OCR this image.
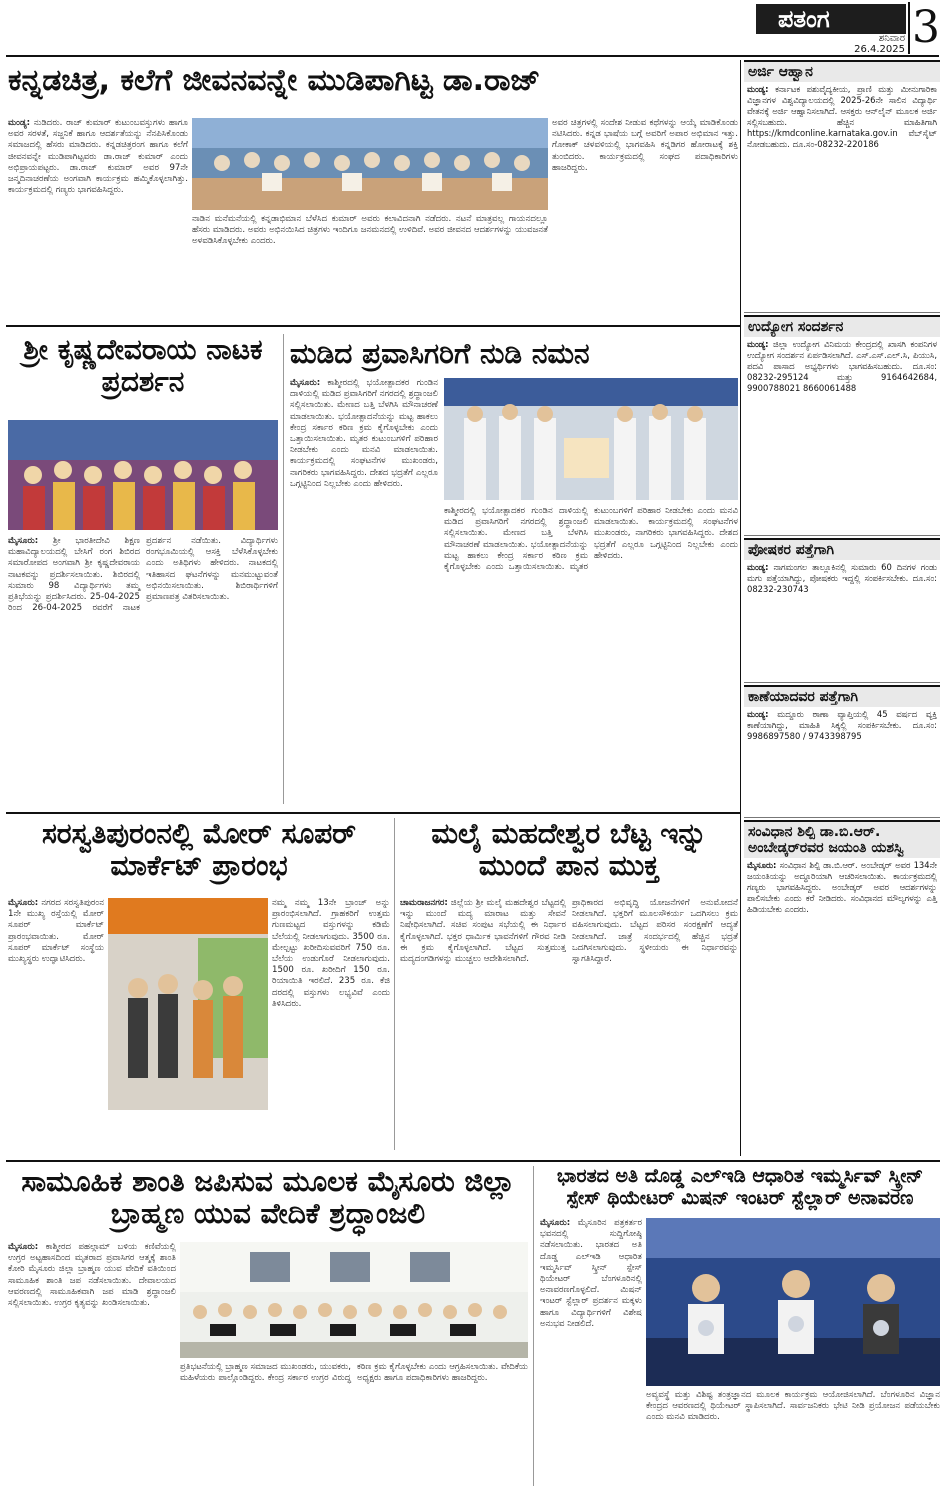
ಪತಂಗ
ಶನಿವಾರ
26.4.2025 3
ಕನ್ನಡಚಿತ್ರ, ಕಲೆಗೆ ಜೀವನವನ್ನೇ ಮುಡಿಪಾಗಿಟ್ಟ ಡಾ.ರಾಜ್
ಮಂಡ್ಯ: ನುಡಿದರು. ರಾಜ್ ಕುಮಾರ್ ಕುಟುಂಬವಸ್ತುಗಳು ಹಾಗೂ ಅವರ ಸರಳತೆ, ಸಜ್ಜನಿಕೆ ಹಾಗೂ ಆದರ್ಶತೆಯನ್ನು ನೆನಪಿಸಿಕೊಂಡು ಸಮಾಜದಲ್ಲಿ ಹೆಸರು ಮಾಡಿದರು. ಕನ್ನಡಚಿತ್ರರಂಗ ಹಾಗೂ ಕಲೆಗೆ ಜೀವನವನ್ನೇ ಮುಡಿಪಾಗಿಟ್ಟವರು ಡಾ.ರಾಜ್ ಕುಮಾರ್ ಎಂದು ಅಭಿಪ್ರಾಯಪಟ್ಟರು. ಡಾ.ರಾಜ್ ಕುಮಾರ್ ಅವರ 97ನೇ ಜನ್ಮದಿನಾಚರಣೆಯ ಅಂಗವಾಗಿ ಕಾರ್ಯಕ್ರಮ ಹಮ್ಮಿಕೊಳ್ಳಲಾಗಿತ್ತು. ಕಾರ್ಯಕ್ರಮದಲ್ಲಿ ಗಣ್ಯರು ಭಾಗವಹಿಸಿದ್ದರು.
ನಾಡಿನ ಮನೆಮನೆಯಲ್ಲಿ ಕನ್ನಡಾಭಿಮಾನ ಬೆಳೆಸಿದ ಕುಮಾರ್ ಅವರು ಕಲಾವಿದನಾಗಿ ನಡೆದರು. ನಟನೆ ಮಾತ್ರವಲ್ಲ ಗಾಯನದಲ್ಲೂ ಹೆಸರು ಮಾಡಿದರು. ಅವರು ಅಭಿನಯಿಸಿದ ಚಿತ್ರಗಳು ಇಂದಿಗೂ ಜನಮನದಲ್ಲಿ ಉಳಿದಿವೆ. ಅವರ ಜೀವನದ ಆದರ್ಶಗಳನ್ನು ಯುವಜನತೆ ಅಳವಡಿಸಿಕೊಳ್ಳಬೇಕು ಎಂದರು.
ಅವರ ಚಿತ್ರಗಳಲ್ಲಿ ಸಂದೇಶ ನೀಡುವ ಕಥೆಗಳನ್ನು ಆಯ್ಕೆ ಮಾಡಿಕೊಂಡು ನಟಿಸಿದರು. ಕನ್ನಡ ಭಾಷೆಯ ಬಗ್ಗೆ ಅವರಿಗೆ ಅಪಾರ ಅಭಿಮಾನ ಇತ್ತು. ಗೋಕಾಕ್ ಚಳವಳಿಯಲ್ಲಿ ಭಾಗವಹಿಸಿ ಕನ್ನಡಿಗರ ಹೋರಾಟಕ್ಕೆ ಶಕ್ತಿ ತುಂಬಿದರು. ಕಾರ್ಯಕ್ರಮದಲ್ಲಿ ಸಂಘದ ಪದಾಧಿಕಾರಿಗಳು ಹಾಜರಿದ್ದರು.
ಶ್ರೀ ಕೃಷ್ಣದೇವರಾಯ ನಾಟಕ ಪ್ರದರ್ಶನ
ಮೈಸೂರು: ಶ್ರೀ ಭಾರತೀದೇವಿ ಶಿಕ್ಷಣ ಮಹಾವಿದ್ಯಾಲಯದಲ್ಲಿ ಬೇಸಿಗೆ ರಂಗ ಶಿಬಿರದ ಸಮಾರೋಪದ ಅಂಗವಾಗಿ ಶ್ರೀ ಕೃಷ್ಣದೇವರಾಯ ನಾಟಕವನ್ನು ಪ್ರದರ್ಶಿಸಲಾಯಿತು. ಶಿಬಿರದಲ್ಲಿ ಸುಮಾರು 98 ವಿದ್ಯಾರ್ಥಿಗಳು ತಮ್ಮ ಪ್ರತಿಭೆಯನ್ನು ಪ್ರದರ್ಶಿಸಿದರು. 25-04-2025 ರಿಂದ 26-04-2025 ರವರೆಗೆ ನಾಟಕ ಪ್ರದರ್ಶನ ನಡೆಯಿತು. ವಿದ್ಯಾರ್ಥಿಗಳು ರಂಗಭೂಮಿಯಲ್ಲಿ ಆಸಕ್ತಿ ಬೆಳೆಸಿಕೊಳ್ಳಬೇಕು ಎಂದು ಅತಿಥಿಗಳು ಹೇಳಿದರು. ನಾಟಕದಲ್ಲಿ ಇತಿಹಾಸದ ಘಟನೆಗಳನ್ನು ಮನಮುಟ್ಟುವಂತೆ ಅಭಿನಯಿಸಲಾಯಿತು. ಶಿಬಿರಾರ್ಥಿಗಳಿಗೆ ಪ್ರಮಾಣಪತ್ರ ವಿತರಿಸಲಾಯಿತು.
ಮಡಿದ ಪ್ರವಾಸಿಗರಿಗೆ ನುಡಿ ನಮನ
ಮೈಸೂರು: ಕಾಶ್ಮೀರದಲ್ಲಿ ಭಯೋತ್ಪಾದಕರ ಗುಂಡಿನ ದಾಳಿಯಲ್ಲಿ ಮಡಿದ ಪ್ರವಾಸಿಗರಿಗೆ ನಗರದಲ್ಲಿ ಶ್ರದ್ಧಾಂಜಲಿ ಸಲ್ಲಿಸಲಾಯಿತು. ಮೇಣದ ಬತ್ತಿ ಬೆಳಗಿಸಿ ಮೌನಾಚರಣೆ ಮಾಡಲಾಯಿತು. ಭಯೋತ್ಪಾದನೆಯನ್ನು ಮಟ್ಟ ಹಾಕಲು ಕೇಂದ್ರ ಸರ್ಕಾರ ಕಠಿಣ ಕ್ರಮ ಕೈಗೊಳ್ಳಬೇಕು ಎಂದು ಒತ್ತಾಯಿಸಲಾಯಿತು. ಮೃತರ ಕುಟುಂಬಗಳಿಗೆ ಪರಿಹಾರ ನೀಡಬೇಕು ಎಂದು ಮನವಿ ಮಾಡಲಾಯಿತು. ಕಾರ್ಯಕ್ರಮದಲ್ಲಿ ಸಂಘಟನೆಗಳ ಮುಖಂಡರು, ನಾಗರಿಕರು ಭಾಗವಹಿಸಿದ್ದರು. ದೇಶದ ಭದ್ರತೆಗೆ ಎಲ್ಲರೂ ಒಗ್ಗಟ್ಟಿನಿಂದ ನಿಲ್ಲಬೇಕು ಎಂದು ಹೇಳಿದರು.
ಕಾಶ್ಮೀರದಲ್ಲಿ ಭಯೋತ್ಪಾದಕರ ಗುಂಡಿನ ದಾಳಿಯಲ್ಲಿ ಮಡಿದ ಪ್ರವಾಸಿಗರಿಗೆ ನಗರದಲ್ಲಿ ಶ್ರದ್ಧಾಂಜಲಿ ಸಲ್ಲಿಸಲಾಯಿತು. ಮೇಣದ ಬತ್ತಿ ಬೆಳಗಿಸಿ ಮೌನಾಚರಣೆ ಮಾಡಲಾಯಿತು. ಭಯೋತ್ಪಾದನೆಯನ್ನು ಮಟ್ಟ ಹಾಕಲು ಕೇಂದ್ರ ಸರ್ಕಾರ ಕಠಿಣ ಕ್ರಮ ಕೈಗೊಳ್ಳಬೇಕು ಎಂದು ಒತ್ತಾಯಿಸಲಾಯಿತು. ಮೃತರ ಕುಟುಂಬಗಳಿಗೆ ಪರಿಹಾರ ನೀಡಬೇಕು ಎಂದು ಮನವಿ ಮಾಡಲಾಯಿತು. ಕಾರ್ಯಕ್ರಮದಲ್ಲಿ ಸಂಘಟನೆಗಳ ಮುಖಂಡರು, ನಾಗರಿಕರು ಭಾಗವಹಿಸಿದ್ದರು. ದೇಶದ ಭದ್ರತೆಗೆ ಎಲ್ಲರೂ ಒಗ್ಗಟ್ಟಿನಿಂದ ನಿಲ್ಲಬೇಕು ಎಂದು ಹೇಳಿದರು.
ಸರಸ್ವತಿಪುರಂನಲ್ಲಿ ಮೋರ್ ಸೂಪರ್ ಮಾರ್ಕೆಟ್ ಪ್ರಾರಂಭ
ಮೈಸೂರು: ನಗರದ ಸರಸ್ವತಿಪುರಂನ 1ನೇ ಮುಖ್ಯ ರಸ್ತೆಯಲ್ಲಿ ಮೋರ್ ಸೂಪರ್ ಮಾರ್ಕೆಟ್ ಪ್ರಾರಂಭವಾಯಿತು. ಮೋರ್ ಸೂಪರ್ ಮಾರ್ಕೆಟ್ ಸಂಸ್ಥೆಯ ಮುಖ್ಯಸ್ಥರು ಉದ್ಘಾಟಿಸಿದರು.
ನಮ್ಮ ನಮ್ಮ 13ನೇ ಬ್ರಾಂಚ್ ಅನ್ನು ಪ್ರಾರಂಭಿಸಲಾಗಿದೆ. ಗ್ರಾಹಕರಿಗೆ ಉತ್ತಮ ಗುಣಮಟ್ಟದ ವಸ್ತುಗಳನ್ನು ಕಡಿಮೆ ಬೆಲೆಯಲ್ಲಿ ನೀಡಲಾಗುವುದು. 3500 ರೂ. ಮೇಲ್ಪಟ್ಟು ಖರೀದಿಸುವವರಿಗೆ 750 ರೂ. ಬೆಲೆಯ ಉಡುಗೊರೆ ನೀಡಲಾಗುವುದು. 1500 ರೂ. ಖರೀದಿಗೆ 150 ರೂ. ರಿಯಾಯಿತಿ ಇರಲಿದೆ. 235 ರೂ. ಕೆಜಿ ದರದಲ್ಲಿ ವಸ್ತುಗಳು ಲಭ್ಯವಿವೆ ಎಂದು ತಿಳಿಸಿದರು.
ಮಲೈ ಮಹದೇಶ್ವರ ಬೆಟ್ಟ ಇನ್ನು ಮುಂದೆ ಪಾನ ಮುಕ್ತ
ಚಾಮರಾಜನಗರ: ಜಿಲ್ಲೆಯ ಶ್ರೀ ಮಲೈ ಮಹದೇಶ್ವರ ಬೆಟ್ಟದಲ್ಲಿ ಇನ್ನು ಮುಂದೆ ಮದ್ಯ ಮಾರಾಟ ಮತ್ತು ಸೇವನೆ ನಿಷೇಧಿಸಲಾಗಿದೆ. ಸಚಿವ ಸಂಪುಟ ಸಭೆಯಲ್ಲಿ ಈ ನಿರ್ಧಾರ ಕೈಗೊಳ್ಳಲಾಗಿದೆ. ಭಕ್ತರ ಧಾರ್ಮಿಕ ಭಾವನೆಗಳಿಗೆ ಗೌರವ ನೀಡಿ ಈ ಕ್ರಮ ಕೈಗೊಳ್ಳಲಾಗಿದೆ. ಬೆಟ್ಟದ ಸುತ್ತಮುತ್ತ ಮದ್ಯದಂಗಡಿಗಳನ್ನು ಮುಚ್ಚಲು ಆದೇಶಿಸಲಾಗಿದೆ.
ಪ್ರಾಧಿಕಾರದ ಅಭಿವೃದ್ಧಿ ಯೋಜನೆಗಳಿಗೆ ಅನುಮೋದನೆ ನೀಡಲಾಗಿದೆ. ಭಕ್ತರಿಗೆ ಮೂಲಸೌಕರ್ಯ ಒದಗಿಸಲು ಕ್ರಮ ವಹಿಸಲಾಗುವುದು. ಬೆಟ್ಟದ ಪರಿಸರ ಸಂರಕ್ಷಣೆಗೆ ಆದ್ಯತೆ ನೀಡಲಾಗಿದೆ. ಜಾತ್ರೆ ಸಂದರ್ಭದಲ್ಲಿ ಹೆಚ್ಚಿನ ಭದ್ರತೆ ಒದಗಿಸಲಾಗುವುದು. ಸ್ಥಳೀಯರು ಈ ನಿರ್ಧಾರವನ್ನು ಸ್ವಾಗತಿಸಿದ್ದಾರೆ.
ಸಾಮೂಹಿಕ ಶಾಂತಿ ಜಪಿಸುವ ಮೂಲಕ ಮೈಸೂರು ಜಿಲ್ಲಾ ಬ್ರಾಹ್ಮಣ ಯುವ ವೇದಿಕೆ ಶ್ರದ್ಧಾಂಜಲಿ
ಮೈಸೂರು: ಕಾಶ್ಮೀರದ ಪಹಲ್ಗಾಮ್ ಬಳಿಯ ಕಣಿವೆಯಲ್ಲಿ ಉಗ್ರರ ಅಟ್ಟಹಾಸದಿಂದ ಮೃತರಾದ ಪ್ರವಾಸಿಗರ ಆತ್ಮಕ್ಕೆ ಶಾಂತಿ ಕೋರಿ ಮೈಸೂರು ಜಿಲ್ಲಾ ಬ್ರಾಹ್ಮಣ ಯುವ ವೇದಿಕೆ ವತಿಯಿಂದ ಸಾಮೂಹಿಕ ಶಾಂತಿ ಜಪ ನಡೆಸಲಾಯಿತು. ದೇವಾಲಯದ ಆವರಣದಲ್ಲಿ ಸಾಮೂಹಿಕವಾಗಿ ಜಪ ಮಾಡಿ ಶ್ರದ್ಧಾಂಜಲಿ ಸಲ್ಲಿಸಲಾಯಿತು. ಉಗ್ರರ ಕೃತ್ಯವನ್ನು ಖಂಡಿಸಲಾಯಿತು.
ಪ್ರತಿಭಟನೆಯಲ್ಲಿ ಬ್ರಾಹ್ಮಣ ಸಮಾಜದ ಮುಖಂಡರು, ಯುವಕರು, ಮಹಿಳೆಯರು ಪಾಲ್ಗೊಂಡಿದ್ದರು. ಕೇಂದ್ರ ಸರ್ಕಾರ ಉಗ್ರರ ವಿರುದ್ಧ ಕಠಿಣ ಕ್ರಮ ಕೈಗೊಳ್ಳಬೇಕು ಎಂದು ಆಗ್ರಹಿಸಲಾಯಿತು. ವೇದಿಕೆಯ ಅಧ್ಯಕ್ಷರು ಹಾಗೂ ಪದಾಧಿಕಾರಿಗಳು ಹಾಜರಿದ್ದರು.
ಭಾರತದ ಅತಿ ದೊಡ್ಡ ಎಲ್‌ಇಡಿ ಆಧಾರಿತ ಇಮ್ಮರ್ಸಿವ್ ಸ್ಕ್ರೀನ್ ಸ್ಪೇಸ್ ಥಿಯೇಟರ್ ಮಿಷನ್ ಇಂಟರ್ ಸ್ಟೆಲ್ಲಾರ್ ಅನಾವರಣ
ಮೈಸೂರು: ಮೈಸೂರಿನ ಪತ್ರಕರ್ತರ ಭವನದಲ್ಲಿ ಸುದ್ದಿಗೋಷ್ಠಿ ನಡೆಸಲಾಯಿತು. ಭಾರತದ ಅತಿ ದೊಡ್ಡ ಎಲ್‌ಇಡಿ ಆಧಾರಿತ ಇಮ್ಮರ್ಸಿವ್ ಸ್ಕ್ರೀನ್ ಸ್ಪೇಸ್ ಥಿಯೇಟರ್ ಬೆಂಗಳೂರಿನಲ್ಲಿ ಅನಾವರಣಗೊಳ್ಳಲಿದೆ. ಮಿಷನ್ ಇಂಟರ್ ಸ್ಟೆಲ್ಲಾರ್ ಪ್ರದರ್ಶನ ಮಕ್ಕಳು ಹಾಗೂ ವಿದ್ಯಾರ್ಥಿಗಳಿಗೆ ವಿಶೇಷ ಅನುಭವ ನೀಡಲಿದೆ.
ಅವ್ಯವಸ್ಥೆ ಮತ್ತು ವಿಶಿಷ್ಟ ತಂತ್ರಜ್ಞಾನದ ಮೂಲಕ ಕಾರ್ಯಕ್ರಮ ಆಯೋಜಿಸಲಾಗಿದೆ. ಬೆಂಗಳೂರಿನ ವಿಜ್ಞಾನ ಕೇಂದ್ರದ ಆವರಣದಲ್ಲಿ ಥಿಯೇಟರ್ ಸ್ಥಾಪಿಸಲಾಗಿದೆ. ಸಾರ್ವಜನಿಕರು ಭೇಟಿ ನೀಡಿ ಪ್ರಯೋಜನ ಪಡೆಯಬೇಕು ಎಂದು ಮನವಿ ಮಾಡಿದರು.
ಅರ್ಜಿ ಆಹ್ವಾನ
ಮಂಡ್ಯ: ಕರ್ನಾಟಕ ಪಶುವೈದ್ಯಕೀಯ, ಪ್ರಾಣಿ ಮತ್ತು ಮೀನುಗಾರಿಕಾ ವಿಜ್ಞಾನಗಳ ವಿಶ್ವವಿದ್ಯಾಲಯದಲ್ಲಿ 2025-26ನೇ ಸಾಲಿನ ವಿದ್ಯಾರ್ಥಿ ವೇತನಕ್ಕೆ ಅರ್ಜಿ ಆಹ್ವಾನಿಸಲಾಗಿದೆ. ಆಸಕ್ತರು ಆನ್‌ಲೈನ್ ಮೂಲಕ ಅರ್ಜಿ ಸಲ್ಲಿಸಬಹುದು. ಹೆಚ್ಚಿನ ಮಾಹಿತಿಗಾಗಿ https://kmdconline.karnataka.gov.in ವೆಬ್‌ಸೈಟ್ ನೋಡಬಹುದು. ದೂ.ಸಂ-08232-220186
ಉದ್ಯೋಗ ಸಂದರ್ಶನ
ಮಂಡ್ಯ: ಜಿಲ್ಲಾ ಉದ್ಯೋಗ ವಿನಿಮಯ ಕೇಂದ್ರದಲ್ಲಿ ಖಾಸಗಿ ಕಂಪನಿಗಳ ಉದ್ಯೋಗ ಸಂದರ್ಶನ ಏರ್ಪಡಿಸಲಾಗಿದೆ. ಎಸ್.ಎಸ್.ಎಲ್.ಸಿ, ಪಿಯುಸಿ, ಪದವಿ ಪಾಸಾದ ಅಭ್ಯರ್ಥಿಗಳು ಭಾಗವಹಿಸಬಹುದು. ದೂ.ಸಂ: 08232-295124 ಮತ್ತು 9164642684, 9900788021 8660061488
ಪೋಷಕರ ಪತ್ತೆಗಾಗಿ
ಮಂಡ್ಯ: ನಾಗಮಂಗಲ ತಾಲ್ಲೂಕಿನಲ್ಲಿ ಸುಮಾರು 60 ದಿನಗಳ ಗಂಡು ಮಗು ಪತ್ತೆಯಾಗಿದ್ದು, ಪೋಷಕರು ಇದ್ದಲ್ಲಿ ಸಂಪರ್ಕಿಸಬೇಕು. ದೂ.ಸಂ: 08232-230743
ಕಾಣೆಯಾದವರ ಪತ್ತೆಗಾಗಿ
ಮಂಡ್ಯ: ಮದ್ದೂರು ಠಾಣಾ ವ್ಯಾಪ್ತಿಯಲ್ಲಿ 45 ವರ್ಷದ ವ್ಯಕ್ತಿ ಕಾಣೆಯಾಗಿದ್ದು, ಮಾಹಿತಿ ಸಿಕ್ಕಲ್ಲಿ ಸಂಪರ್ಕಿಸಬೇಕು. ದೂ.ಸಂ: 9986897580 / 9743398795
ಸಂವಿಧಾನ ಶಿಲ್ಪಿ ಡಾ.ಬಿ.ಆರ್. ಅಂಬೇಡ್ಕರ್‌ರವರ ಜಯಂತಿ ಯಶಸ್ವಿ
ಮೈಸೂರು: ಸಂವಿಧಾನ ಶಿಲ್ಪಿ ಡಾ.ಬಿ.ಆರ್. ಅಂಬೇಡ್ಕರ್ ಅವರ 134ನೇ ಜಯಂತಿಯನ್ನು ಅದ್ಧೂರಿಯಾಗಿ ಆಚರಿಸಲಾಯಿತು. ಕಾರ್ಯಕ್ರಮದಲ್ಲಿ ಗಣ್ಯರು ಭಾಗವಹಿಸಿದ್ದರು. ಅಂಬೇಡ್ಕರ್ ಅವರ ಆದರ್ಶಗಳನ್ನು ಪಾಲಿಸಬೇಕು ಎಂದು ಕರೆ ನೀಡಿದರು. ಸಂವಿಧಾನದ ಮೌಲ್ಯಗಳನ್ನು ಎತ್ತಿ ಹಿಡಿಯಬೇಕು ಎಂದರು.
